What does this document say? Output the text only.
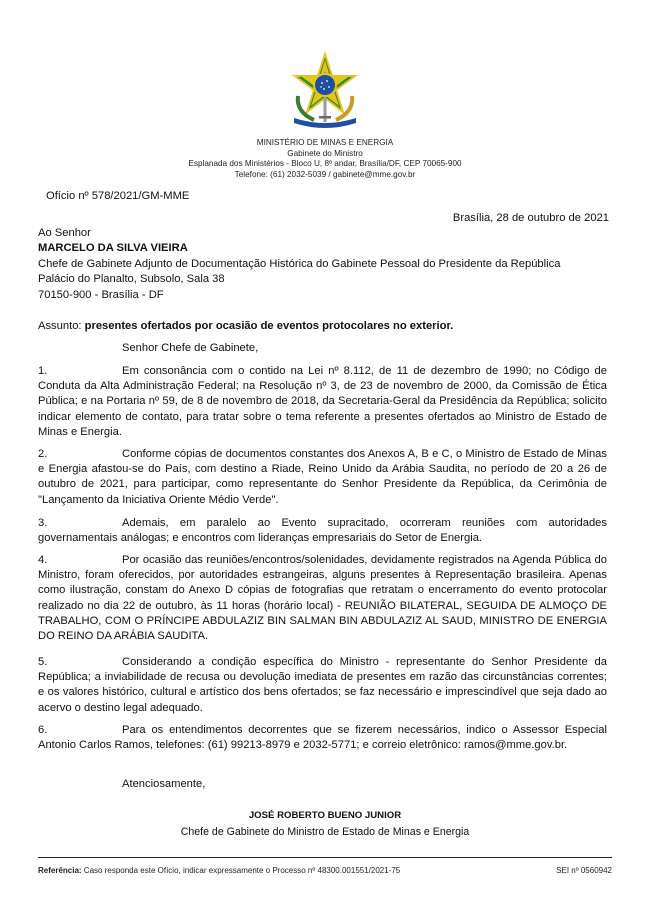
MINISTÉRIO DE MINAS E ENERGIA
Gabinete do Ministro
Esplanada dos Ministérios - Bloco U, 8º andar, Brasília/DF, CEP 70065-900
Telefone: (61) 2032-5039 / gabinete@mme.gov.br
Ofício nº 578/2021/GM-MME
Brasília, 28 de outubro de 2021
Ao Senhor
MARCELO DA SILVA VIEIRA
Chefe de Gabinete Adjunto de Documentação Histórica do Gabinete Pessoal do Presidente da República
Palácio do Planalto, Subsolo, Sala 38
70150-900 - Brasília - DF
Assunto: presentes ofertados por ocasião de eventos protocolares no exterior.
Senhor Chefe de Gabinete,
1.	Em consonância com o contido na Lei nº 8.112, de 11 de dezembro de 1990; no Código de Conduta da Alta Administração Federal; na Resolução nº 3, de 23 de novembro de 2000, da Comissão de Ética Pública; e na Portaria nº 59, de 8 de novembro de 2018, da Secretaria-Geral da Presidência da República; solicito indicar elemento de contato, para tratar sobre o tema referente a presentes ofertados ao Ministro de Estado de Minas e Energia.
2.	Conforme cópias de documentos constantes dos Anexos A, B e C, o Ministro de Estado de Minas e Energia afastou-se do País, com destino a Riade, Reino Unido da Arábia Saudita, no período de 20 a 26 de outubro de 2021, para participar, como representante do Senhor Presidente da República, da Cerimônia de "Lançamento da Iniciativa Oriente Médio Verde".
3.	Ademais, em paralelo ao Evento supracitado, ocorreram reuniões com autoridades governamentais análogas; e encontros com lideranças empresariais do Setor de Energia.
4.	Por ocasião das reuniões/encontros/solenidades, devidamente registrados na Agenda Pública do Ministro, foram oferecidos, por autoridades estrangeiras, alguns presentes à Representação brasileira. Apenas como ilustração, constam do Anexo D cópias de fotografias que retratam o encerramento do evento protocolar realizado no dia 22 de outubro, às 11 horas (horário local) - REUNIÃO BILATERAL, SEGUIDA DE ALMOÇO DE TRABALHO, COM O PRÍNCIPE ABDULAZIZ BIN SALMAN BIN ABDULAZIZ AL SAUD, MINISTRO DE ENERGIA DO REINO DA ARÁBIA SAUDITA.
5.	Considerando a condição específica do Ministro - representante do Senhor Presidente da República; a inviabilidade de recusa ou devolução imediata de presentes em razão das circunstâncias correntes; e os valores histórico, cultural e artístico dos bens ofertados; se faz necessário e imprescindível que seja dado ao acervo o destino legal adequado.
6.	Para os entendimentos decorrentes que se fizerem necessários, indico o Assessor Especial Antonio Carlos Ramos, telefones: (61) 99213-8979 e 2032-5771; e correio eletrônico: ramos@mme.gov.br.
Atenciosamente,
JOSÉ ROBERTO BUENO JUNIOR
Chefe de Gabinete do Ministro de Estado de Minas e Energia
Referência: Caso responda este Ofício, indicar expressamente o Processo nº 48300.001551/2021-75	SEI nº 0560942
